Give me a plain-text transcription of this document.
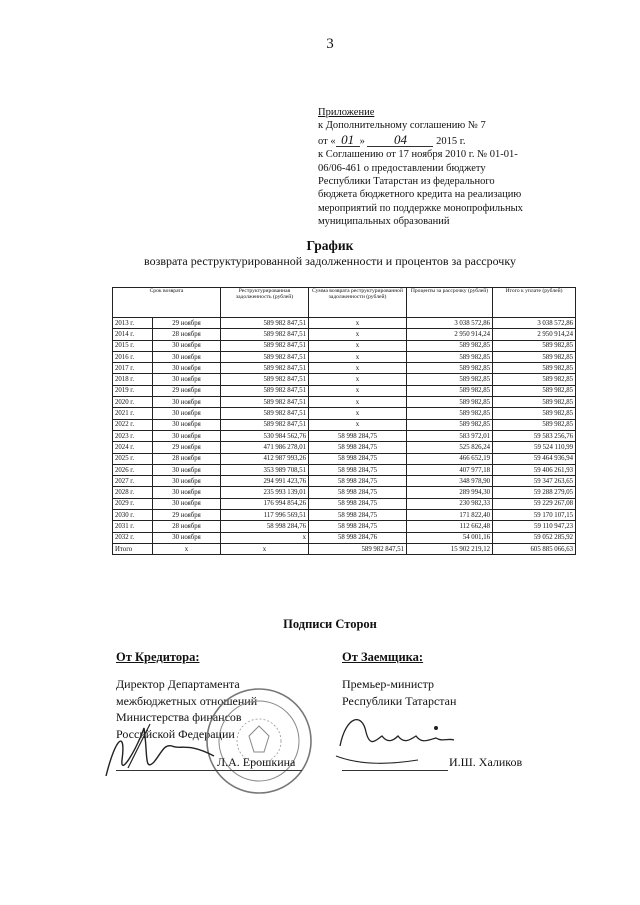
3
Приложение
к Дополнительному соглашению № 7
от « 01 » 04	2015 г.
к Соглашению от 17 ноября 2010 г. № 01-01-
06/06-461 о предоставлении бюджету
Республики Татарстан из федерального
бюджета бюджетного кредита на реализацию
мероприятий по поддержке монопрофильных
муниципальных образований
График
возврата реструктурированной задолженности и процентов за рассрочку
Срок возврата		Реструктурированная задолженность (рублей)	Сумма возврата реструктурированной задолженности (рублей)	Проценты за рассрочку (рублей)	Итого к уплате (рублей)
2013 г.	29 ноября	589 982 847,51	х	3 038 572,86	3 038 572,86
2014 г.	28 ноября	589 982 847,51	х	2 950 914,24	2 950 914,24
2015 г.	30 ноября	589 982 847,51	х	589 982,85	589 982,85
2016 г.	30 ноября	589 982 847,51	х	589 982,85	589 982,85
2017 г.	30 ноября	589 982 847,51	х	589 982,85	589 982,85
2018 г.	30 ноября	589 982 847,51	х	589 982,85	589 982,85
2019 г.	29 ноября	589 982 847,51	х	589 982,85	589 982,85
2020 г.	30 ноября	589 982 847,51	х	589 982,85	589 982,85
2021 г.	30 ноября	589 982 847,51	х	589 982,85	589 982,85
2022 г.	30 ноября	589 982 847,51	х	589 982,85	589 982,85
2023 г.	30 ноября	530 984 562,76	58 998 284,75	583 972,01	59 583 256,76
2024 г.	29 ноября	471 986 278,01	58 998 284,75	525 826,24	59 524 110,99
2025 г.	28 ноября	412 987 993,26	58 998 284,75	466 652,19	59 464 936,94
2026 г.	30 ноября	353 989 708,51	58 998 284,75	407 977,18	59 406 261,93
2027 г.	30 ноября	294 991 423,76	58 998 284,75	348 978,90	59 347 263,65
2028 г.	30 ноября	235 993 139,01	58 998 284,75	289 994,30	59 288 279,05
2029 г.	30 ноября	176 994 854,26	58 998 284,75	230 982,33	59 229 267,08
2030 г.	29 ноября	117 996 569,51	58 998 284,75	171 822,40	59 170 107,15
2031 г.	28 ноября	58 998 284,76	58 998 284,75	112 662,48	59 110 947,23
2032 г.	30 ноября	х	58 998 284,76	54 001,16	59 052 285,92
Итого	х	х	589 982 847,51	15 902 219,12	605 885 066,63
Подписи Сторон
От Кредитора:	От Заемщика:
Директор Департамента
межбюджетных отношений
Министерства финансов
Российской Федерации
Премьер-министр
Республики Татарстан
Л.А. Ерошкина	И.Ш. Халиков
